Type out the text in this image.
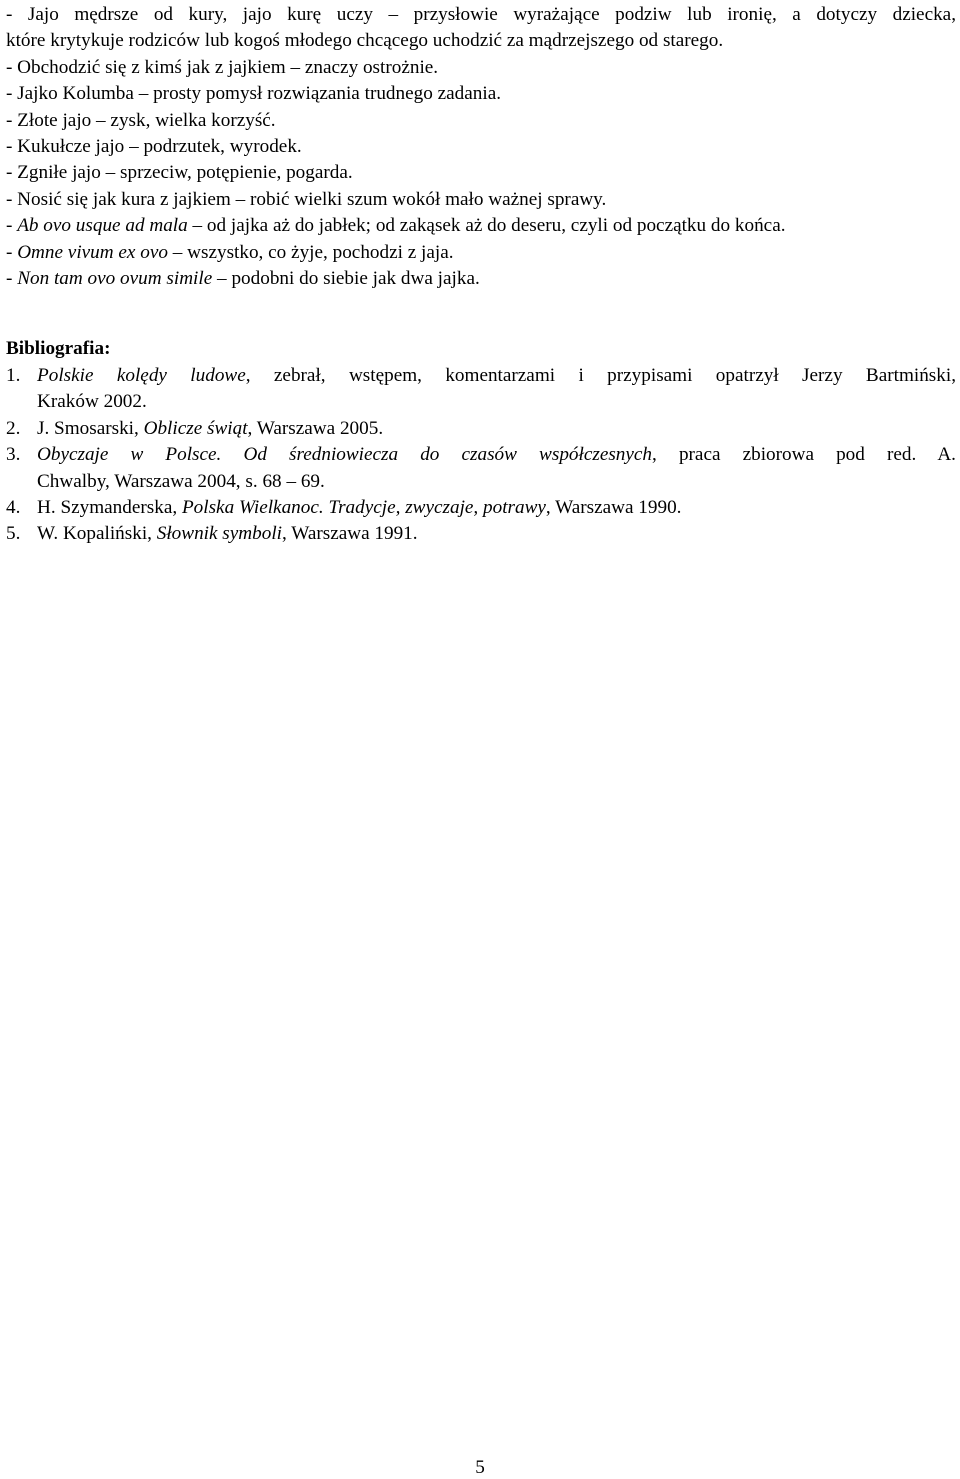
- Jajo mędrsze od kury, jajo kurę uczy – przysłowie wyrażające podziw lub ironię, a dotyczy dziecka,
które krytykuje rodziców lub kogoś młodego chcącego uchodzić za mądrzejszego od starego.
- Obchodzić się z kimś jak z jajkiem – znaczy ostrożnie.
- Jajko Kolumba – prosty pomysł rozwiązania trudnego zadania.
- Złote jajo – zysk, wielka korzyść.
- Kukułcze jajo – podrzutek, wyrodek.
- Zgniłe jajo – sprzeciw, potępienie, pogarda.
- Nosić się jak kura z jajkiem – robić wielki szum wokół mało ważnej sprawy.
- Ab ovo usque ad mala – od jajka aż do jabłek; od zakąsek aż do deseru, czyli od początku do końca.
- Omne vivum ex ovo – wszystko, co żyje, pochodzi z jaja.
- Non tam ovo ovum simile – podobni do siebie jak dwa jajka.
Bibliografia:
1. Polskie kolędy ludowe, zebrał, wstępem, komentarzami i przypisami opatrzył Jerzy Bartmiński,
Kraków 2002.
2. J. Smosarski, Oblicze świąt, Warszawa 2005.
3. Obyczaje w Polsce. Od średniowiecza do czasów współczesnych, praca zbiorowa pod red. A.
Chwalby, Warszawa 2004, s. 68 – 69.
4. H. Szymanderska, Polska Wielkanoc. Tradycje, zwyczaje, potrawy, Warszawa 1990.
5. W. Kopaliński, Słownik symboli, Warszawa 1991.
5
